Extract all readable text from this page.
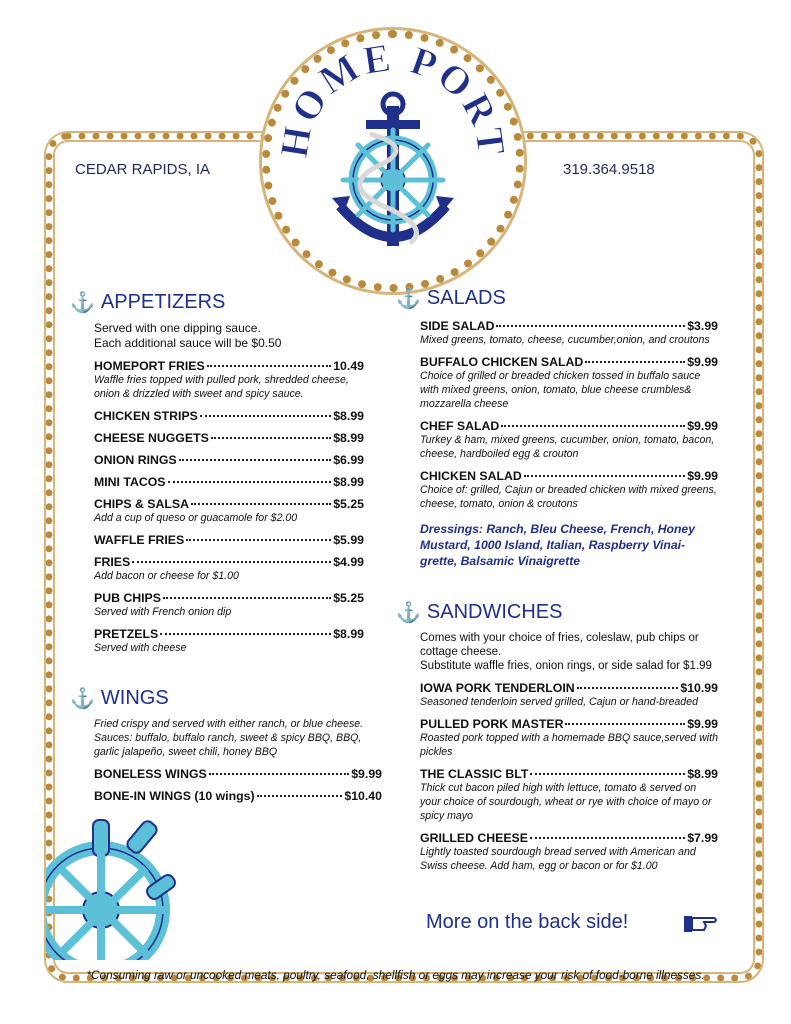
CEDAR RAPIDS, IA	319.364.9518
HOME PORT
⚓ APPETIZERS
Served with one dipping sauce.
Each additional sauce will be $0.50
HOMEPORT FRIES	10.49
Waffle fries topped with pulled pork, shredded cheese, onion & drizzled with sweet and spicy sauce.
CHICKEN STRIPS	$8.99
CHEESE NUGGETS	$8.99
ONION RINGS	$6.99
MINI TACOS	$8.99
CHIPS & SALSA	$5.25
Add a cup of queso or guacamole for $2.00
WAFFLE FRIES	$5.99
FRIES	$4.99
Add bacon or cheese for $1.00
PUB CHIPS	$5.25
Served with French onion dip
PRETZELS	$8.99
Served with cheese
⚓ WINGS
Fried crispy and served with either ranch, or blue cheese. Sauces: buffalo, buffalo ranch, sweet & spicy BBQ, BBQ, garlic jalapeño, sweet chili, honey BBQ
BONELESS WINGS	$9.99
BONE-IN WINGS (10 wings)	$10.40
⚓ SALADS
SIDE SALAD	$3.99
Mixed greens, tomato, cheese, cucumber,onion, and croutons
BUFFALO CHICKEN SALAD	$9.99
Choice of grilled or breaded chicken tossed in buffalo sauce with mixed greens, onion, tomato, blue cheese crumbles& mozzarella cheese
CHEF SALAD	$9.99
Turkey & ham, mixed greens, cucumber, onion, tomato, bacon, cheese, hardboiled egg & crouton
CHICKEN SALAD	$9.99
Choice of: grilled, Cajun or breaded chicken with mixed greens, cheese, tomato, onion & croutons
Dressings: Ranch, Bleu Cheese, French, Honey Mustard, 1000 Island, Italian, Raspberry Vinai-grette, Balsamic Vinaigrette
⚓ SANDWICHES
Comes with your choice of fries, coleslaw, pub chips or cottage cheese.
Substitute waffle fries, onion rings, or side salad for $1.99
IOWA PORK TENDERLOIN	$10.99
Seasoned tenderloin served grilled, Cajun or hand-breaded
PULLED PORK MASTER	$9.99
Roasted pork topped with a homemade BBQ sauce,served with pickles
THE CLASSIC BLT	$8.99
Thick cut bacon piled high with lettuce, tomato & served on your choice of sourdough, wheat or rye with choice of mayo or spicy mayo
GRILLED CHEESE	$7.99
Lightly toasted sourdough bread served with American and Swiss cheese. Add ham, egg or bacon or for $1.00
More on the back side!
*Consuming raw or uncooked meats, poultry, seafood, shellfish or eggs may increase your risk of food-borne illnesses.
